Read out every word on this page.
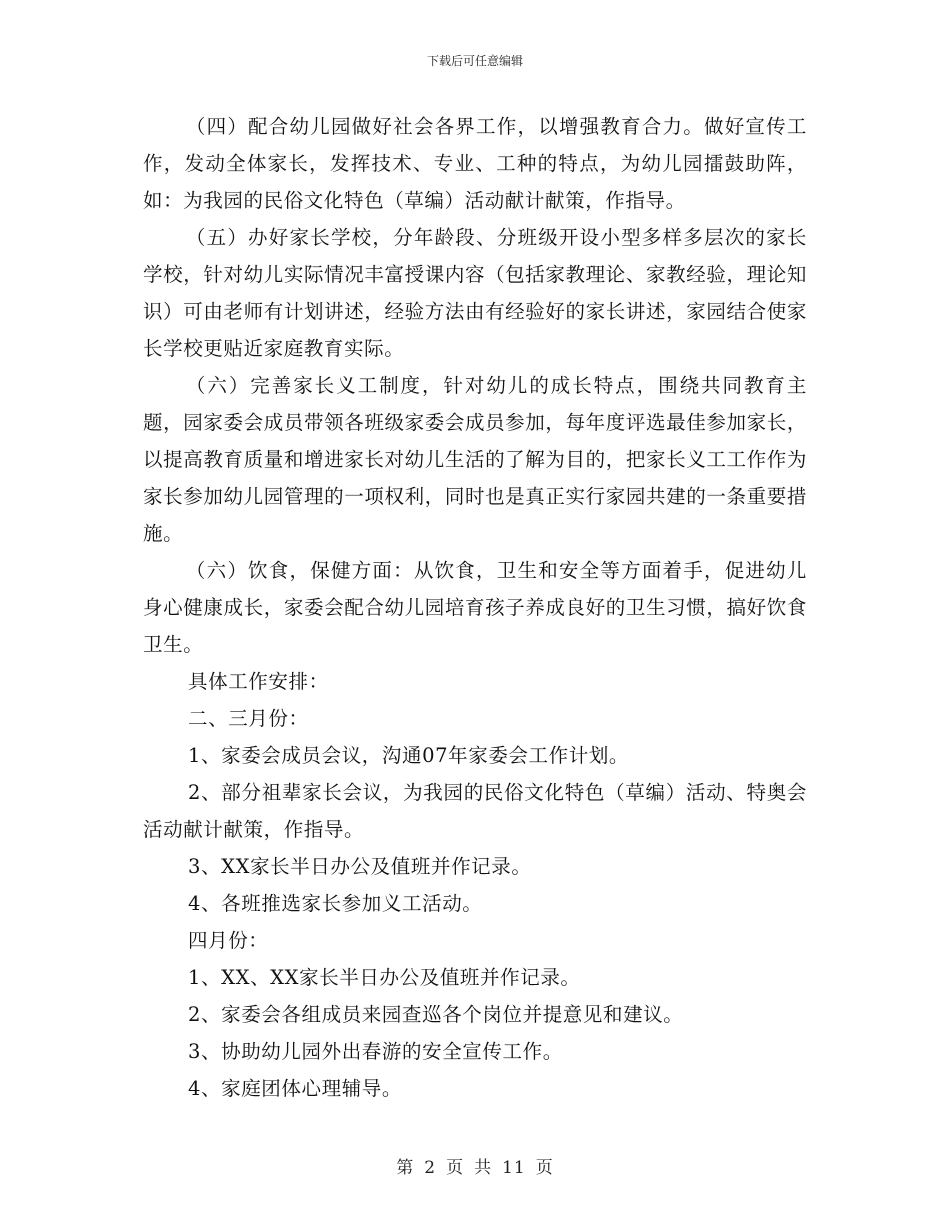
下载后可任意编辑

（四）配合幼儿园做好社会各界工作，以增强教育合力。做好宣传工作，发动全体家长，发挥技术、专业、工种的特点，为幼儿园擂鼓助阵，如：为我园的民俗文化特色（草编）活动献计献策，作指导。

（五）办好家长学校，分年龄段、分班级开设小型多样多层次的家长学校，针对幼儿实际情况丰富授课内容（包括家教理论、家教经验，理论知识）可由老师有计划讲述，经验方法由有经验好的家长讲述，家园结合使家长学校更贴近家庭教育实际。

（六）完善家长义工制度，针对幼儿的成长特点，围绕共同教育主题，园家委会成员带领各班级家委会成员参加，每年度评选最佳参加家长，以提高教育质量和增进家长对幼儿生活的了解为目的，把家长义工工作作为家长参加幼儿园管理的一项权利，同时也是真正实行家园共建的一条重要措施。

（六）饮食，保健方面：从饮食，卫生和安全等方面着手，促进幼儿身心健康成长，家委会配合幼儿园培育孩子养成良好的卫生习惯，搞好饮食卫生。

具体工作安排：

二、三月份：

1、家委会成员会议，沟通07年家委会工作计划。

2、部分祖辈家长会议，为我园的民俗文化特色（草编）活动、特奥会活动献计献策，作指导。

3、XX家长半日办公及值班并作记录。

4、各班推选家长参加义工活动。

四月份：

1、XX、XX家长半日办公及值班并作记录。

2、家委会各组成员来园查巡各个岗位并提意见和建议。

3、协助幼儿园外出春游的安全宣传工作。

4、家庭团体心理辅导。

第 2 页 共 11 页
